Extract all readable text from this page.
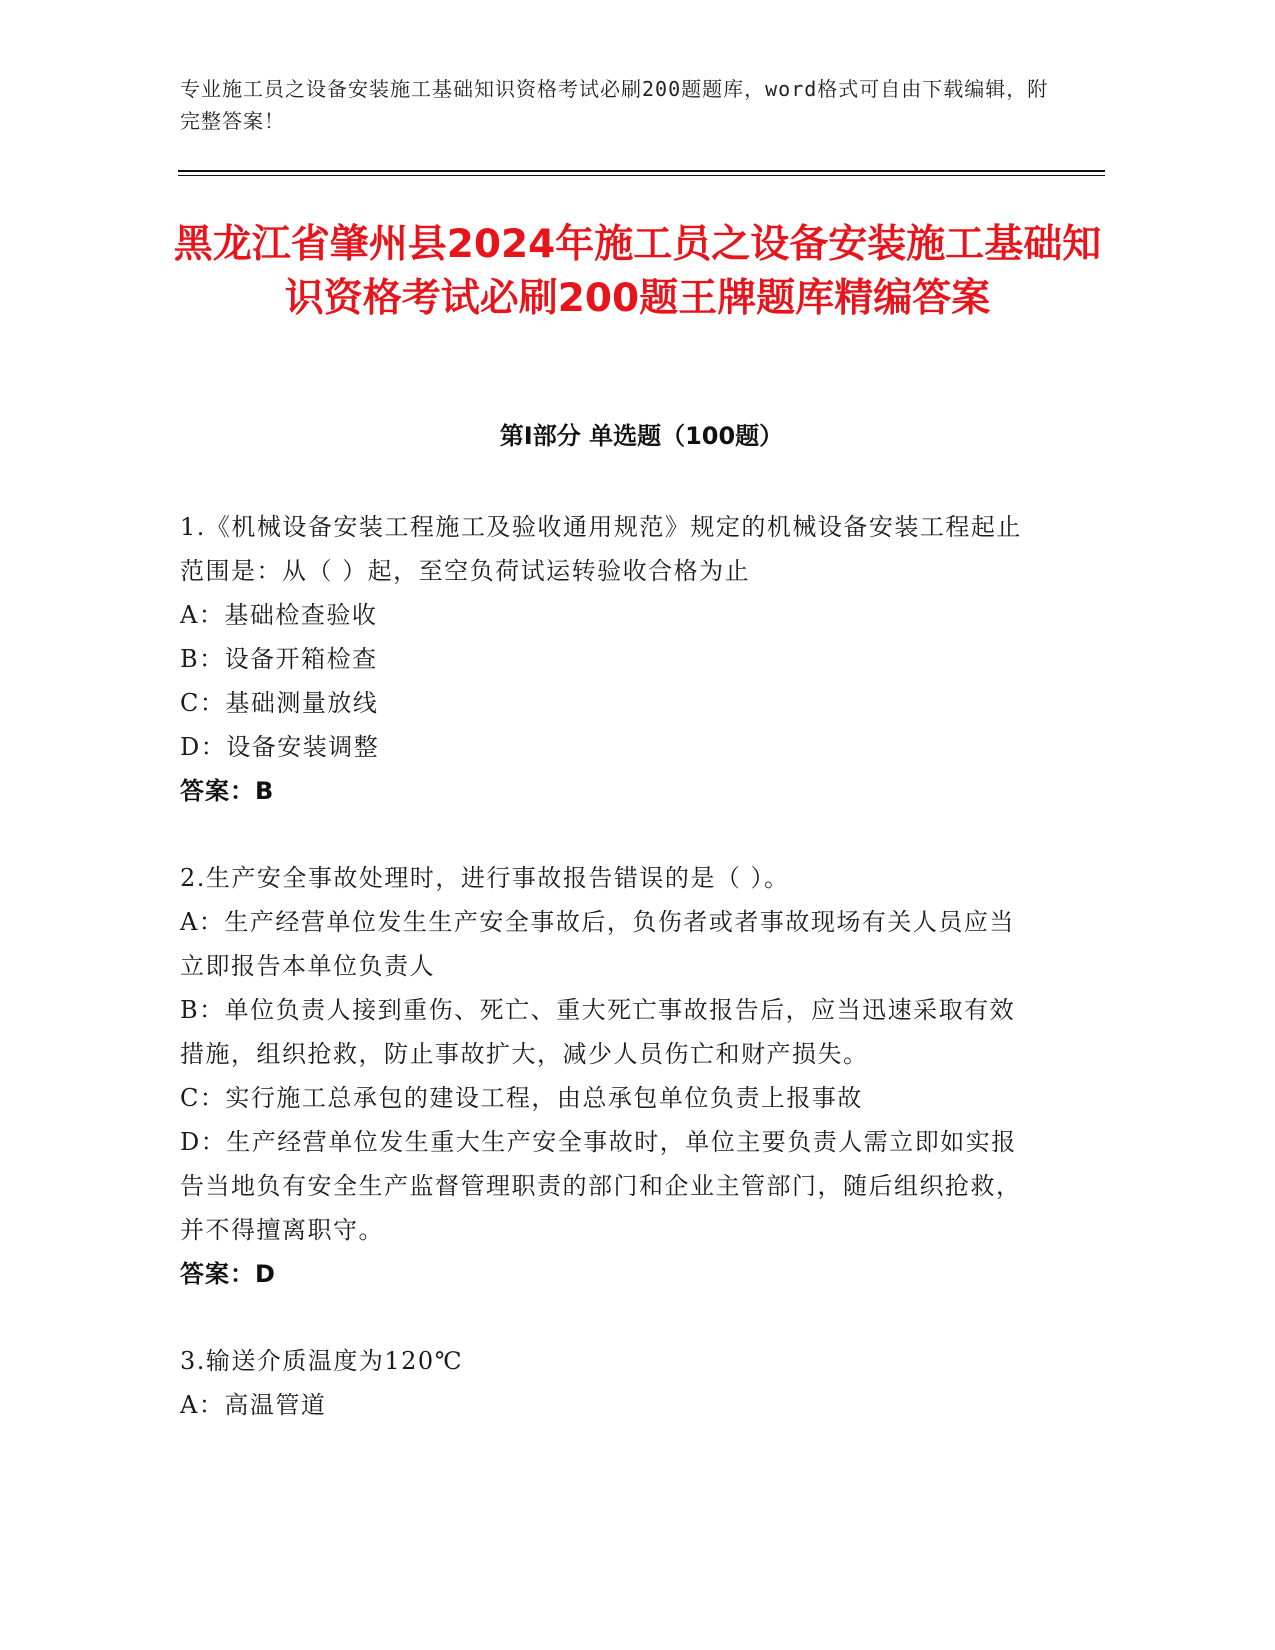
专业施工员之设备安装施工基础知识资格考试必刷200题题库，word格式可自由下载编辑，附完整答案！
黑龙江省肇州县2024年施工员之设备安装施工基础知识资格考试必刷200题王牌题库精编答案
第Ⅰ部分 单选题（100题）

1.《机械设备安装工程施工及验收通用规范》规定的机械设备安装工程起止范围是：从（ ）起，至空负荷试运转验收合格为止

A：基础检查验收

B：设备开箱检查

C：基础测量放线

D：设备安装调整

答案：B

2.生产安全事故处理时，进行事故报告错误的是（ ）。

A：生产经营单位发生生产安全事故后，负伤者或者事故现场有关人员应当立即报告本单位负责人

B：单位负责人接到重伤、死亡、重大死亡事故报告后，应当迅速采取有效措施，组织抢救，防止事故扩大，减少人员伤亡和财产损失。

C：实行施工总承包的建设工程，由总承包单位负责上报事故

D：生产经营单位发生重大生产安全事故时，单位主要负责人需立即如实报告当地负有安全生产监督管理职责的部门和企业主管部门，随后组织抢救，并不得擅离职守。

答案：D

3.输送介质温度为120℃

A：高温管道
